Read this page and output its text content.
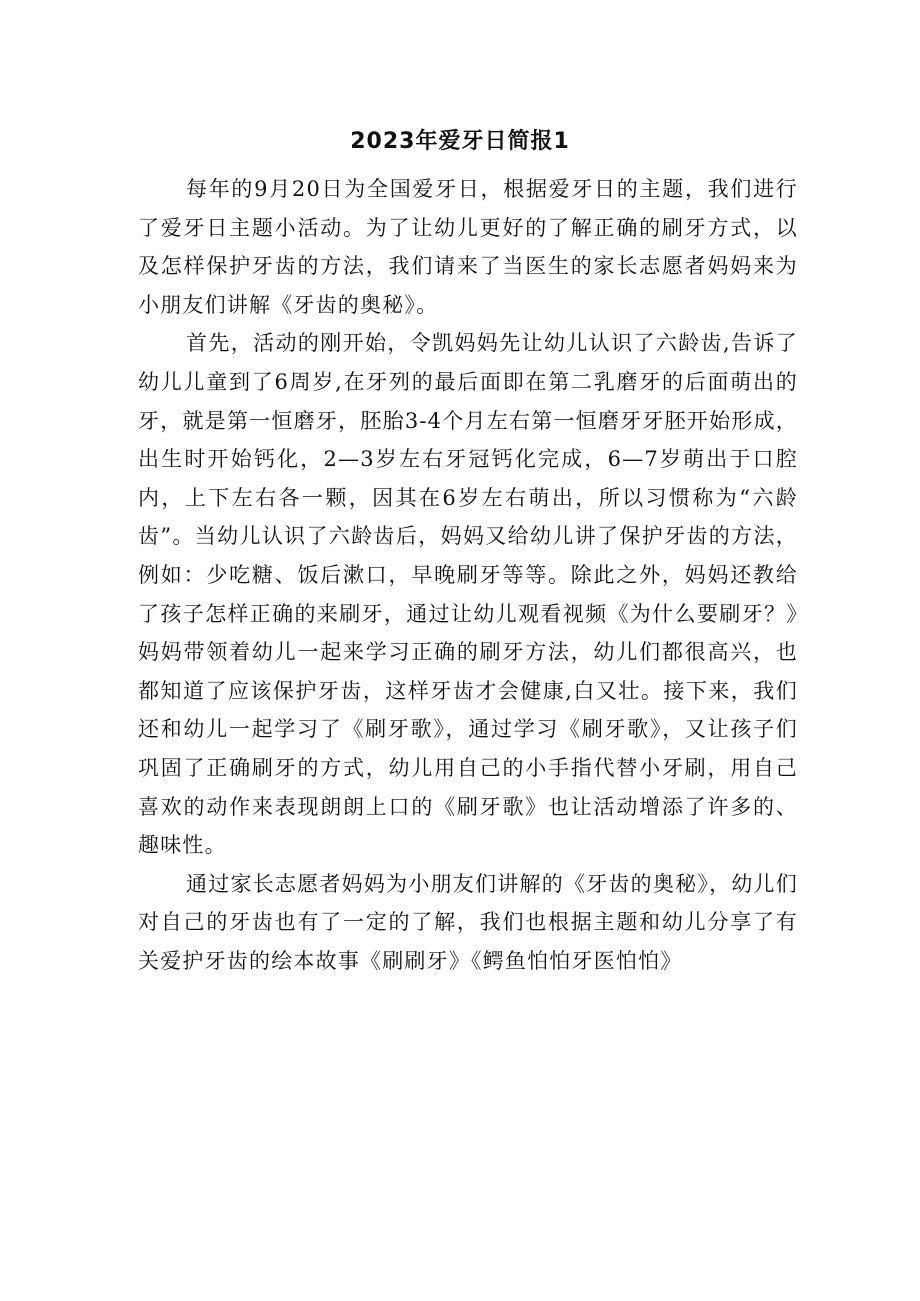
2023年爱牙日简报1

每年的9月20日为全国爱牙日，根据爱牙日的主题，我们进行了爱牙日主题小活动。为了让幼儿更好的了解正确的刷牙方式，以及怎样保护牙齿的方法，我们请来了当医生的家长志愿者妈妈来为小朋友们讲解《牙齿的奥秘》。

首先，活动的刚开始，令凯妈妈先让幼儿认识了六龄齿,告诉了幼儿儿童到了6周岁,在牙列的最后面即在第二乳磨牙的后面萌出的牙，就是第一恒磨牙，胚胎3-4个月左右第一恒磨牙牙胚开始形成，出生时开始钙化，2—3岁左右牙冠钙化完成，6—7岁萌出于口腔内，上下左右各一颗，因其在6岁左右萌出，所以习惯称为“六龄齿”。当幼儿认识了六龄齿后，妈妈又给幼儿讲了保护牙齿的方法，例如：少吃糖、饭后漱口，早晚刷牙等等。除此之外，妈妈还教给了孩子怎样正确的来刷牙，通过让幼儿观看视频《为什么要刷牙？》妈妈带领着幼儿一起来学习正确的刷牙方法，幼儿们都很高兴，也都知道了应该保护牙齿，这样牙齿才会健康,白又壮。接下来，我们还和幼儿一起学习了《刷牙歌》，通过学习《刷牙歌》，又让孩子们巩固了正确刷牙的方式，幼儿用自己的小手指代替小牙刷，用自己喜欢的动作来表现朗朗上口的《刷牙歌》也让活动增添了许多的、趣味性。

通过家长志愿者妈妈为小朋友们讲解的《牙齿的奥秘》，幼儿们对自己的牙齿也有了一定的了解，我们也根据主题和幼儿分享了有关爱护牙齿的绘本故事《刷刷牙》《鳄鱼怕怕牙医怕怕》
